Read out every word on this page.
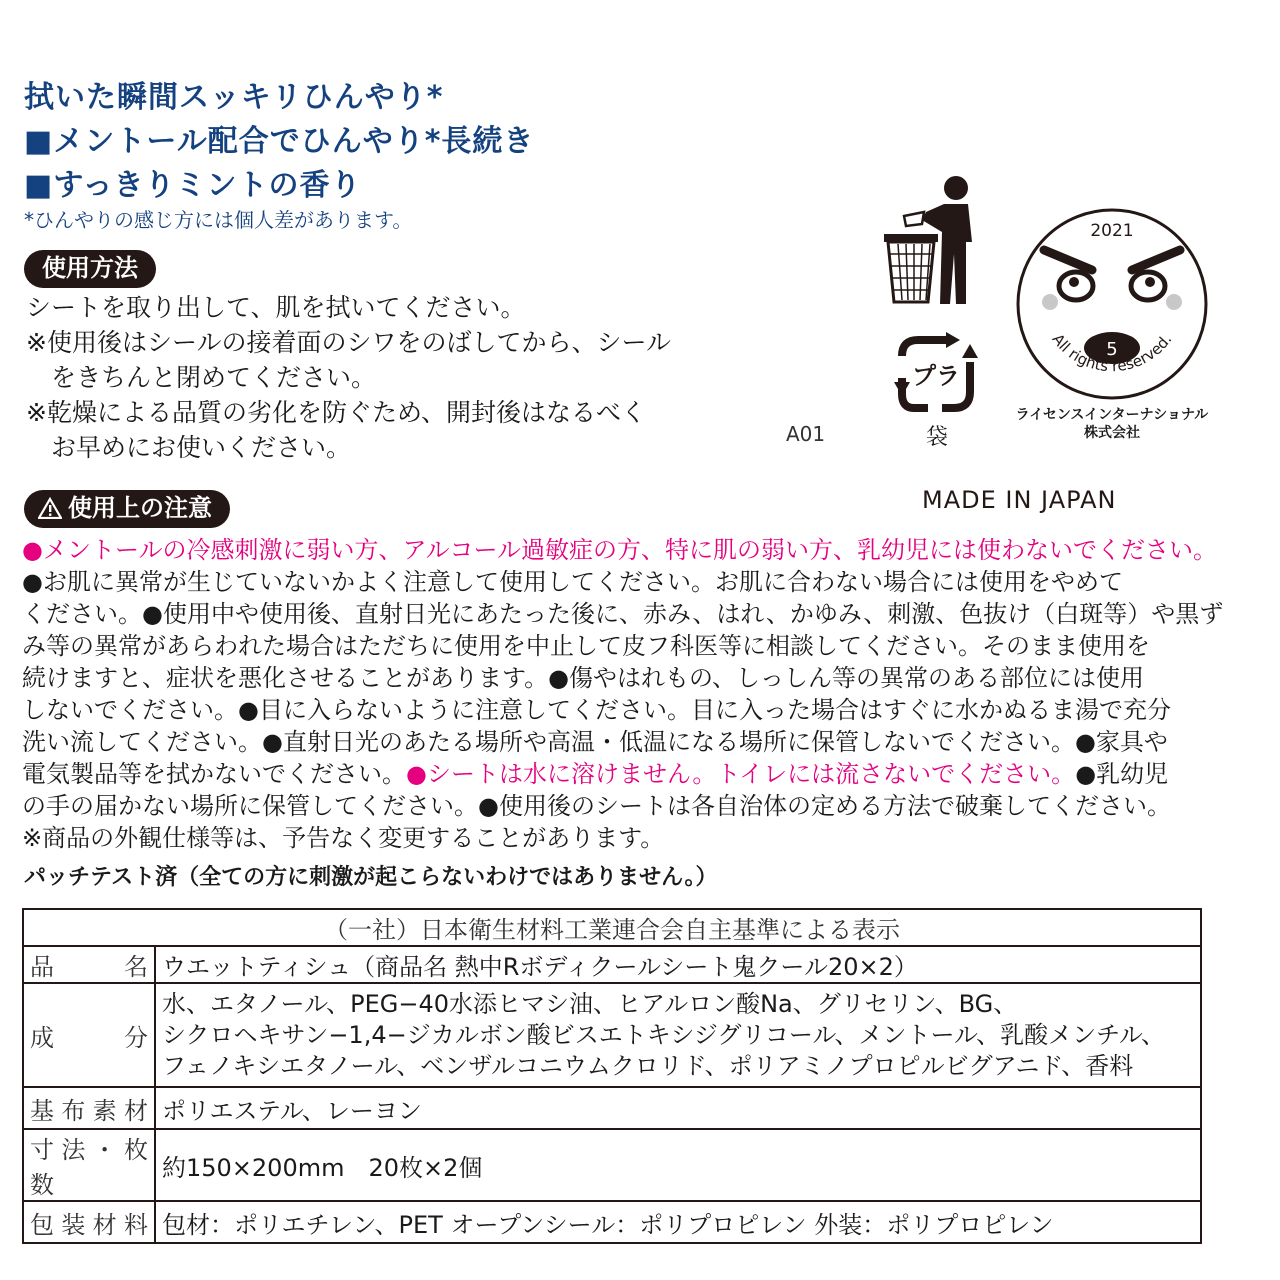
拭いた瞬間スッキリひんやり*
■メントール配合でひんやり*長続き
■すっきりミントの香り
*ひんやりの感じ方には個人差があります。
使用方法
シートを取り出して、肌を拭いてください。
※使用後はシールの接着面のシワをのばしてから、シール
　をきちんと閉めてください。
※乾燥による品質の劣化を防ぐため、開封後はなるべく
　お早めにお使いください。
プラ
袋
A01
2021
5
All rights reserved.
ライセンスインターナショナル
株式会社
MADE IN JAPAN
使用上の注意
●メントールの冷感刺激に弱い方、アルコール過敏症の方、特に肌の弱い方、乳幼児には使わないでください。
●お肌に異常が生じていないかよく注意して使用してください。お肌に合わない場合には使用をやめて
ください。●使用中や使用後、直射日光にあたった後に、赤み、はれ、かゆみ、刺激、色抜け（白斑等）や黒ず
み等の異常があらわれた場合はただちに使用を中止して皮フ科医等に相談してください。そのまま使用を
続けますと、症状を悪化させることがあります。●傷やはれもの、しっしん等の異常のある部位には使用
しないでください。●目に入らないように注意してください。目に入った場合はすぐに水かぬるま湯で充分
洗い流してください。●直射日光のあたる場所や高温・低温になる場所に保管しないでください。●家具や
電気製品等を拭かないでください。●シートは水に溶けません。トイレには流さないでください。●乳幼児
の手の届かない場所に保管してください。●使用後のシートは各自治体の定める方法で破棄してください。
※商品の外観仕様等は、予告なく変更することがあります。
パッチテスト済（全ての方に刺激が起こらないわけではありません。）
（一社）日本衛生材料工業連合会自主基準による表示	
品名	ウエットティシュ（商品名 熱中Rボディクールシート鬼クール20×2）
成分	水、エタノール、PEG−40水添ヒマシ油、ヒアルロン酸Na、グリセリン、BG、
シクロヘキサン−1,4−ジカルボン酸ビスエトキシジグリコール、メントール、乳酸メンチル、
フェノキシエタノール、ベンザルコニウムクロリド、ポリアミノプロピルビグアニド、香料

基布素材	ポリエステル、レーヨン
寸法・枚数	約150×200mm　20枚×2個
包装材料	包材：ポリエチレン、PET オープンシール：ポリプロピレン 外装：ポリプロピレン
